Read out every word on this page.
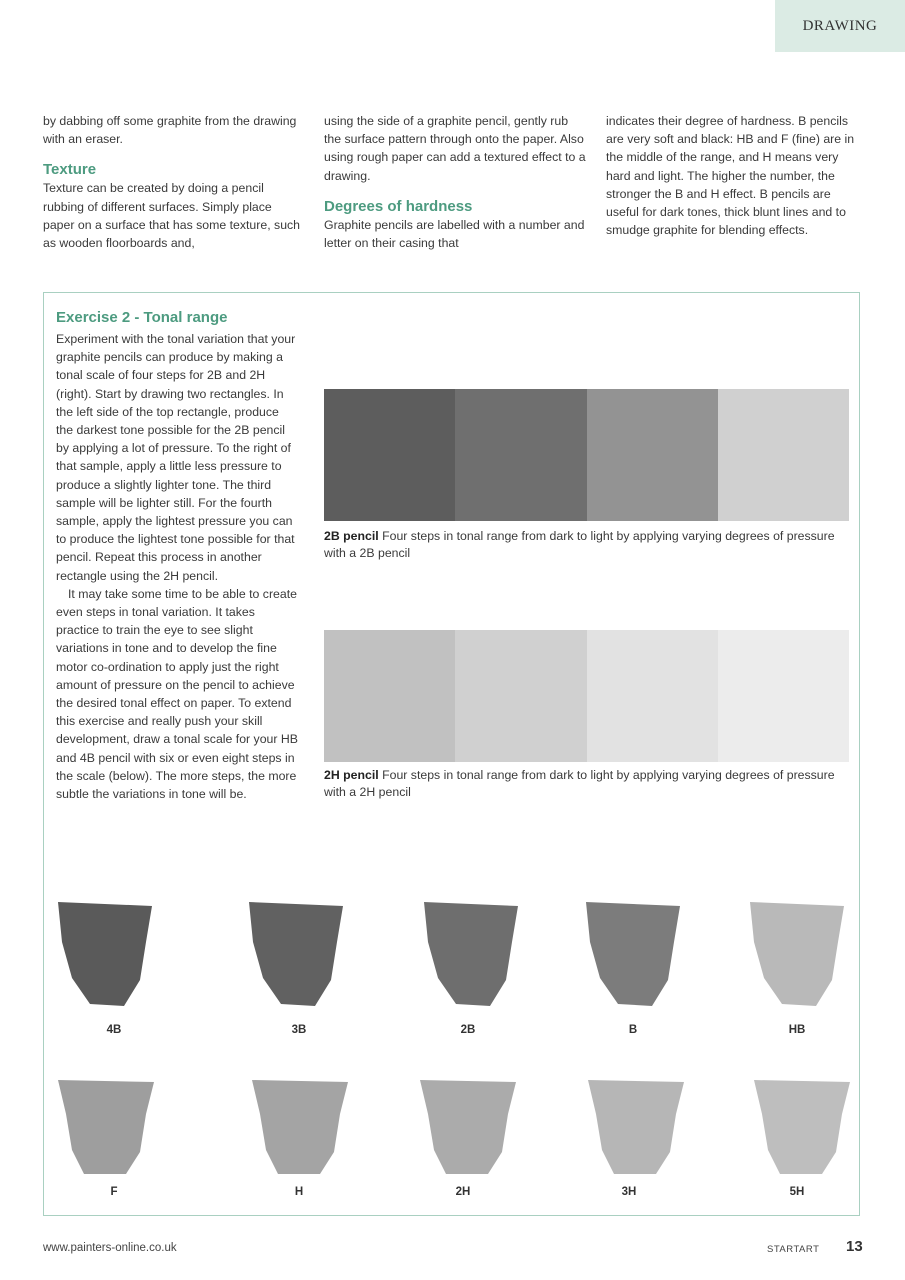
DRAWING

by dabbing off some graphite from the drawing with an eraser.

Texture

Texture can be created by doing a pencil rubbing of different surfaces. Simply place paper on a surface that has some texture, such as wooden floorboards and,

using the side of a graphite pencil, gently rub the surface pattern through onto the paper. Also using rough paper can add a textured effect to a drawing.

Degrees of hardness

Graphite pencils are labelled with a number and letter on their casing that

indicates their degree of hardness. B pencils are very soft and black: HB and F (fine) are in the middle of the range, and H means very hard and light. The higher the number, the stronger the B and H effect. B pencils are useful for dark tones, thick blunt lines and to smudge graphite for blending effects.

Exercise 2 - Tonal range

Experiment with the tonal variation that your graphite pencils can produce by making a tonal scale of four steps for 2B and 2H (right). Start by drawing two rectangles. In the left side of the top rectangle, produce the darkest tone possible for the 2B pencil by applying a lot of pressure. To the right of that sample, apply a little less pressure to produce a slightly lighter tone. The third sample will be lighter still. For the fourth sample, apply the lightest pressure you can to produce the lightest tone possible for that pencil. Repeat this process in another rectangle using the 2H pencil.

It may take some time to be able to create even steps in tonal variation. It takes practice to train the eye to see slight variations in tone and to develop the fine motor co-ordination to apply just the right amount of pressure on the pencil to achieve the desired tonal effect on paper. To extend this exercise and really push your skill development, draw a tonal scale for your HB and 4B pencil with six or even eight steps in the scale (below). The more steps, the more subtle the variations in tone will be.

2B pencil Four steps in tonal range from dark to light by applying varying degrees of pressure with a 2B pencil
2H pencil Four steps in tonal range from dark to light by applying varying degrees of pressure with a 2H pencil
4B	3B	2B	B	HB
F	H	2H	3H	5H
www.painters-online.co.uk	STARTART 13
